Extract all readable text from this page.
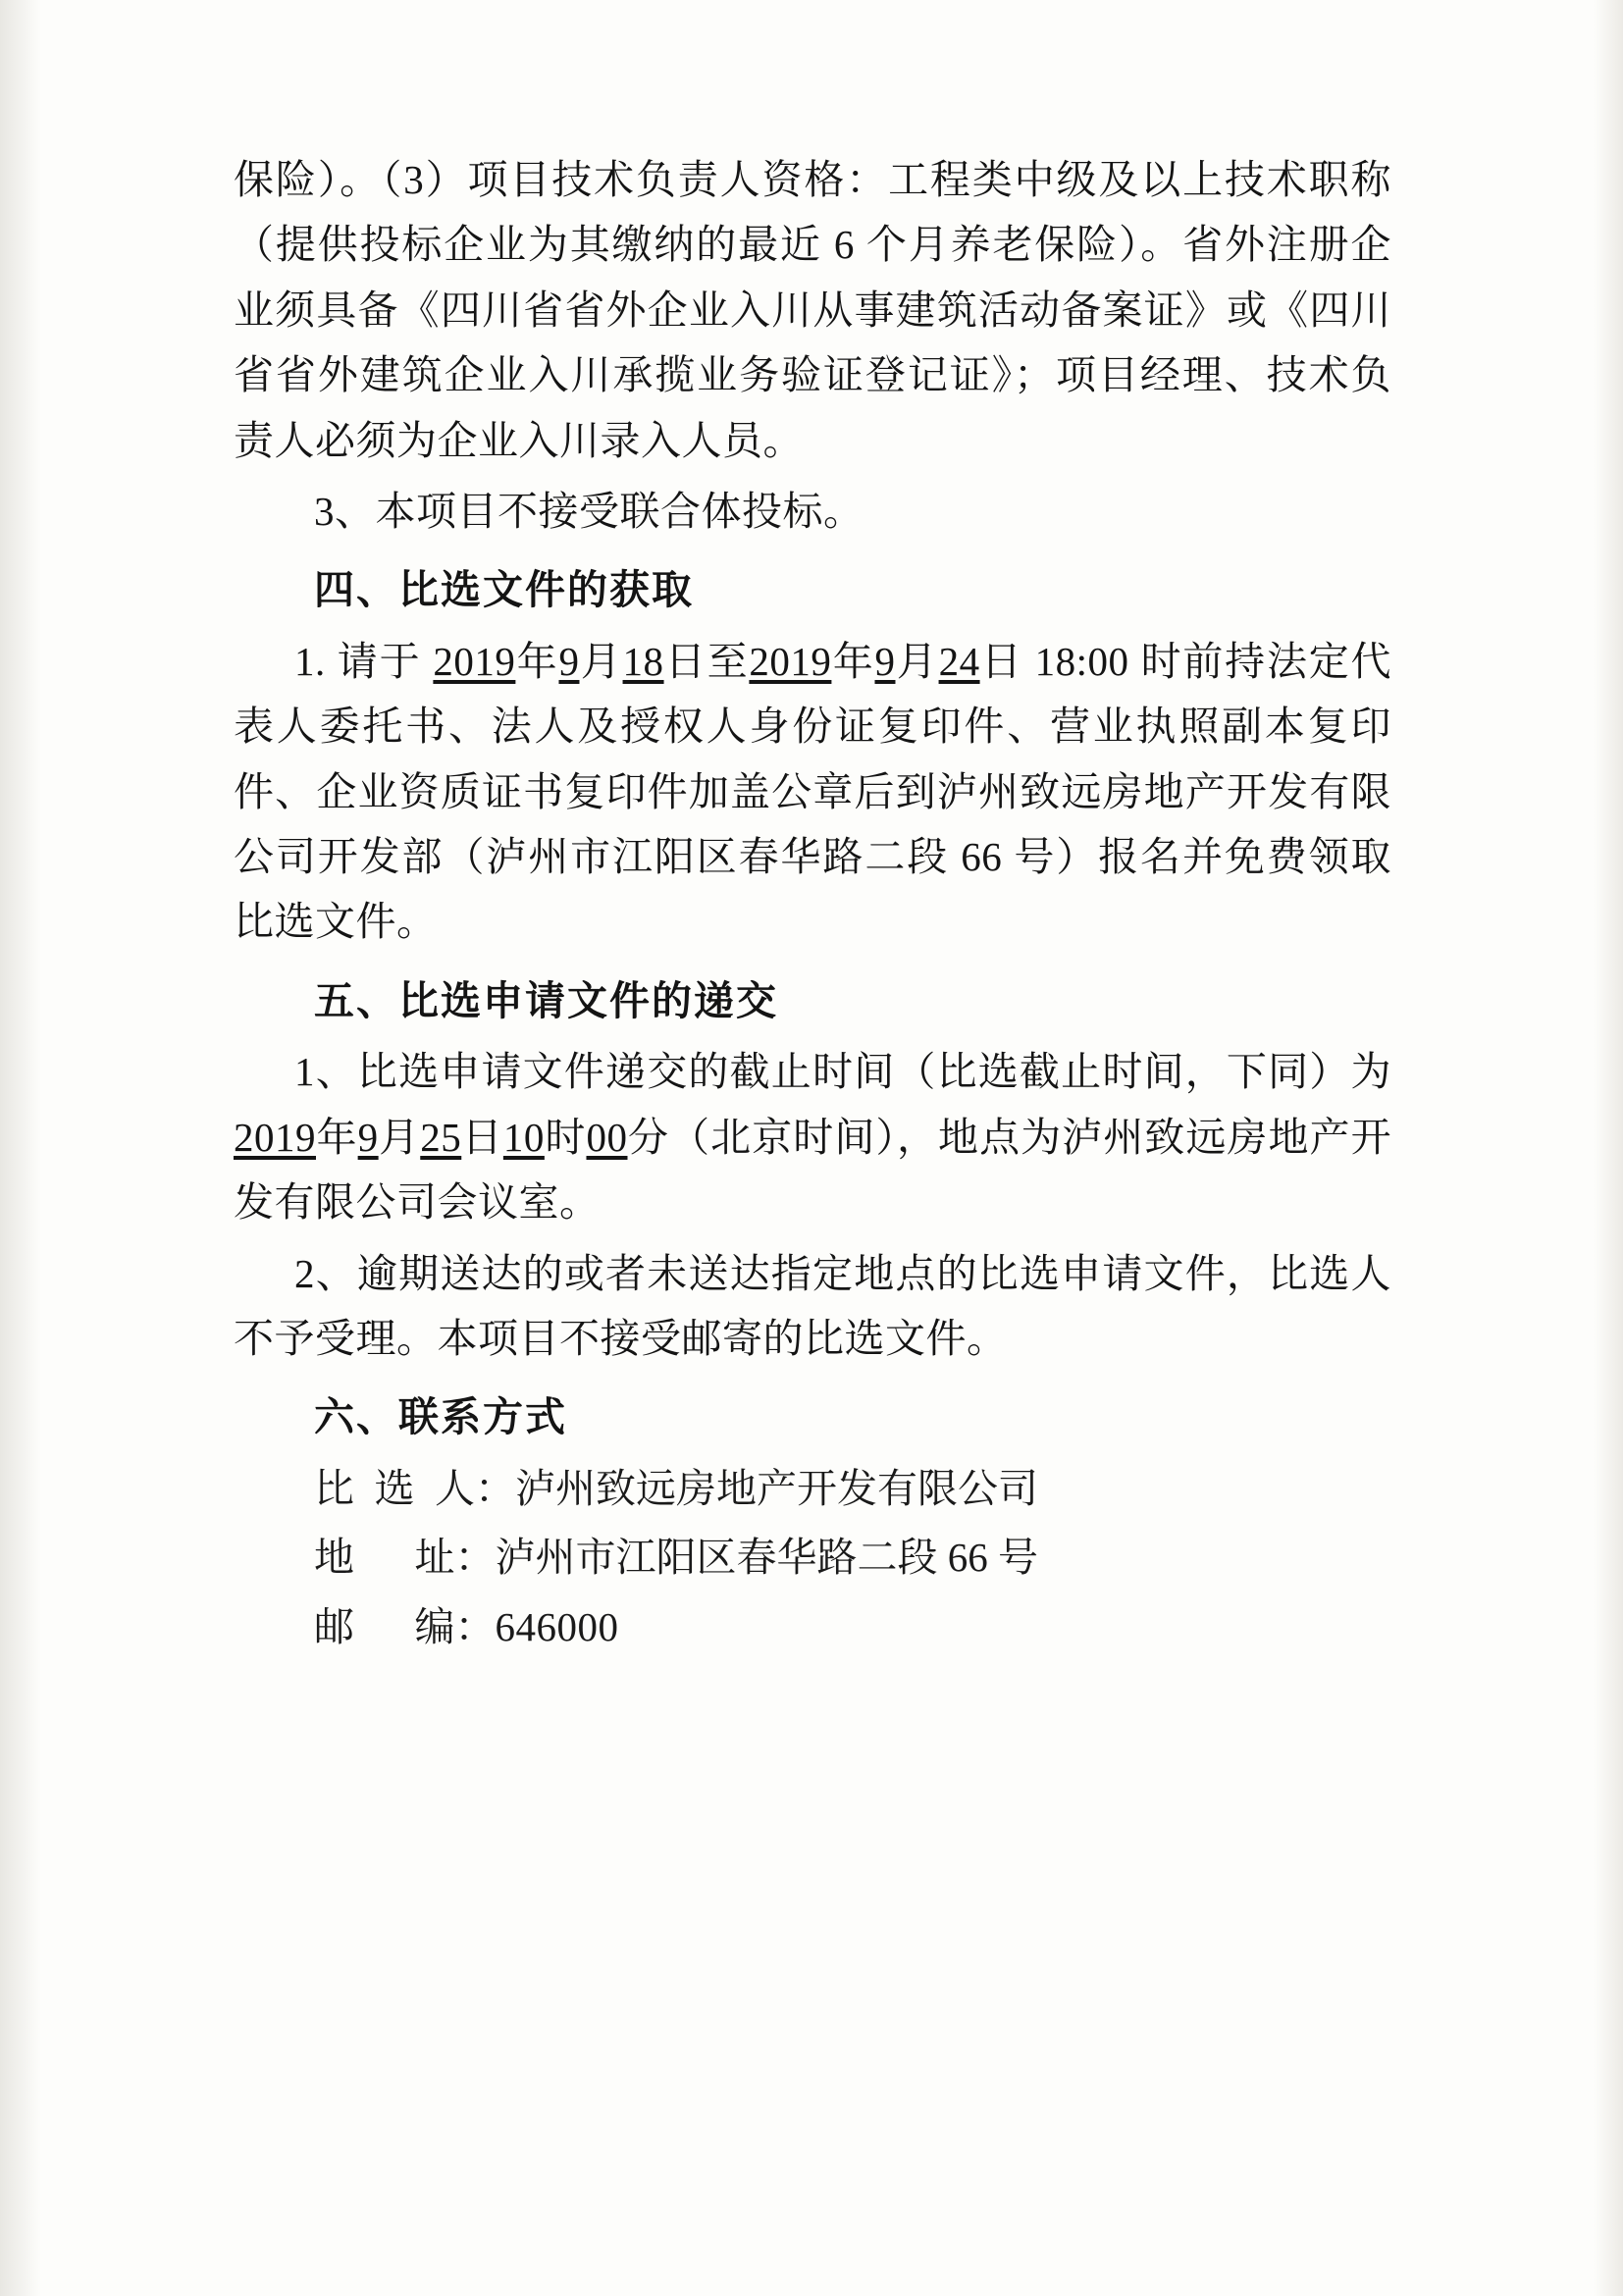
保险）。（3）项目技术负责人资格：工程类中级及以上技术职称（提供投标企业为其缴纳的最近 6 个月养老保险）。省外注册企业须具备《四川省省外企业入川从事建筑活动备案证》或《四川省省外建筑企业入川承揽业务验证登记证》；项目经理、技术负责人必须为企业入川录入人员。

3、本项目不接受联合体投标。

四、比选文件的获取

1. 请于 2019年9月18日至2019年9月24日 18:00 时前持法定代表人委托书、法人及授权人身份证复印件、营业执照副本复印件、企业资质证书复印件加盖公章后到泸州致远房地产开发有限公司开发部（泸州市江阳区春华路二段 66 号）报名并免费领取比选文件。

五、比选申请文件的递交

1、比选申请文件递交的截止时间（比选截止时间，下同）为 2019年9月25日10时00分（北京时间），地点为泸州致远房地产开发有限公司会议室。

2、逾期送达的或者未送达指定地点的比选申请文件，比选人不予受理。本项目不接受邮寄的比选文件。

六、联系方式

比  选  人：泸州致远房地产开发有限公司
地      址：泸州市江阳区春华路二段 66 号
邮      编：646000
